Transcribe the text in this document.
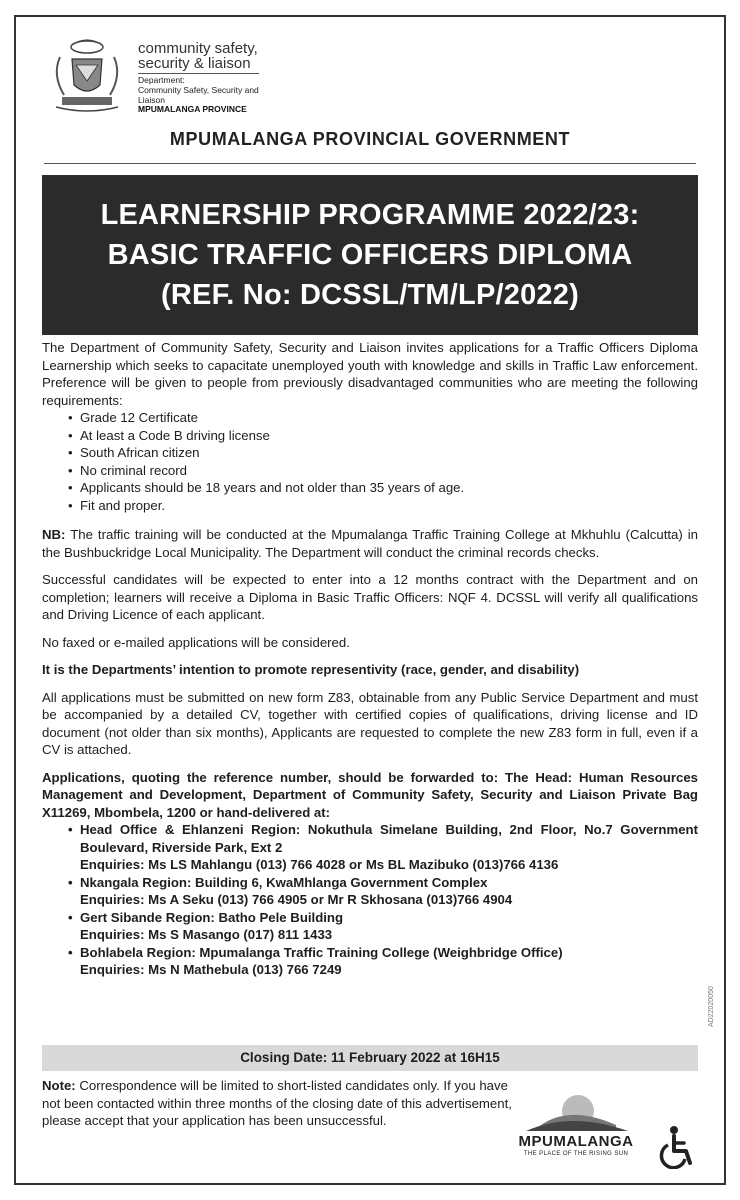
community safety,
security & liaison
Department:
Community Safety, Security and
Liaison
MPUMALANGA PROVINCE
MPUMALANGA PROVINCIAL GOVERNMENT
LEARNERSHIP PROGRAMME 2022/23:
BASIC TRAFFIC OFFICERS DIPLOMA
(REF. No: DCSSL/TM/LP/2022)

The Department of Community Safety, Security and Liaison invites applications for a Traffic Officers Diploma Learnership which seeks to capacitate unemployed youth with knowledge and skills in Traffic Law enforcement. Preference will be given to people from previously disadvantaged communities who are meeting the following requirements:

• Grade 12 Certificate
• At least a Code B driving license
• South African citizen
• No criminal record
• Applicants should be 18 years and not older than 35 years of age.
• Fit and proper.

NB: The traffic training will be conducted at the Mpumalanga Traffic Training College at Mkhuhlu (Calcutta) in the Bushbuckridge Local Municipality. The Department will conduct the criminal records checks.

Successful candidates will be expected to enter into a 12 months contract with the Department and on completion; learners will receive a Diploma in Basic Traffic Officers: NQF 4. DCSSL will verify all qualifications and Driving Licence of each applicant.

No faxed or e-mailed applications will be considered.

It is the Departments’ intention to promote representivity (race, gender, and disability)

All applications must be submitted on new form Z83, obtainable from any Public Service Department and must be accompanied by a detailed CV, together with certified copies of qualifications, driving license and ID document (not older than six months), Applicants are requested to complete the new Z83 form in full, even if a CV is attached.

Applications, quoting the reference number, should be forwarded to: The Head: Human Resources Management and Development, Department of Community Safety, Security and Liaison Private Bag X11269, Mbombela, 1200 or hand-delivered at:

• Head Office & Ehlanzeni Region: Nokuthula Simelane Building, 2nd Floor, No.7 Government Boulevard, Riverside Park, Ext 2
Enquiries: Ms LS Mahlangu (013) 766 4028 or Ms BL Mazibuko (013)766 4136
• Nkangala Region: Building 6, KwaMhlanga Government Complex
Enquiries: Ms A Seku (013) 766 4905 or Mr R Skhosana (013)766 4904
• Gert Sibande Region: Batho Pele Building
Enquiries: Ms S Masango (017) 811 1433
• Bohlabela Region: Mpumalanga Traffic Training College (Weighbridge Office)
Enquiries: Ms N Mathebula (013) 766 7249
Closing Date: 11 February 2022 at 16H15
Note: Correspondence will be limited to short-listed candidates only. If you have not been contacted within three months of the closing date of this advertisement, please accept that your application has been unsuccessful.
MPUMALANGA
THE PLACE OF THE RISING SUN
AD22020050
